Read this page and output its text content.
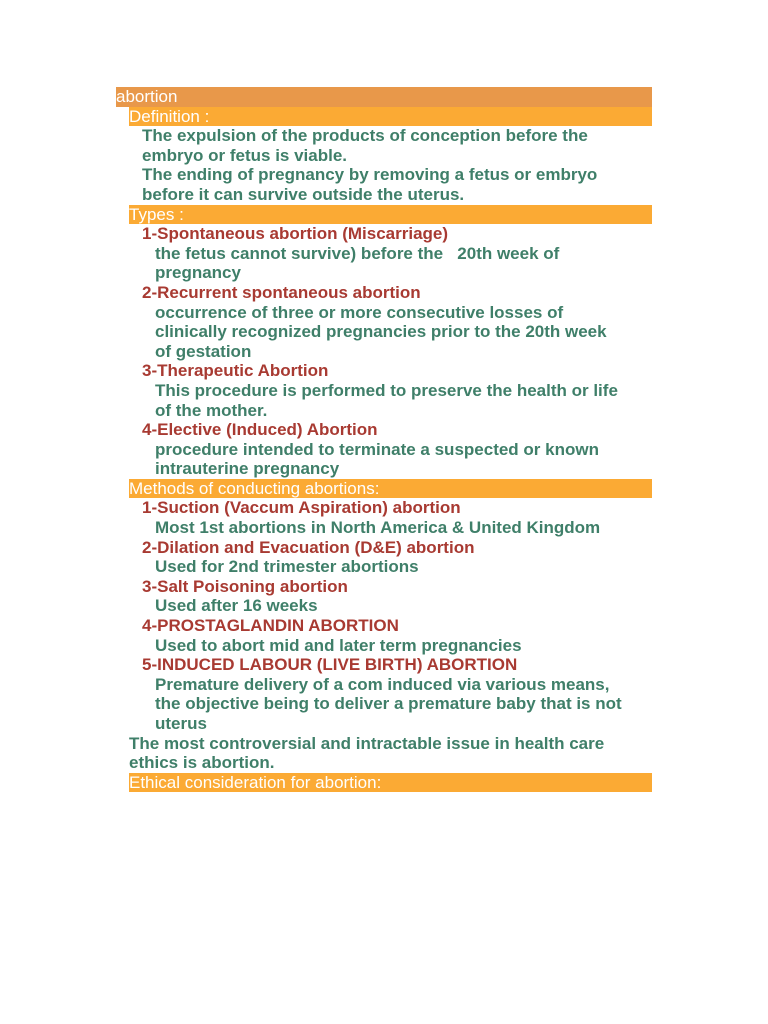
abortion
Definition :
The expulsion of the products of conception before the
embryo or fetus is viable.
The ending of pregnancy by removing a fetus or embryo
before it can survive outside the uterus.
Types :
1-Spontaneous abortion (Miscarriage)
the fetus cannot survive) before the   20th week of
pregnancy
2-Recurrent spontaneous abortion
occurrence of three or more consecutive losses of
clinically recognized pregnancies prior to the 20th week
of gestation
3-Therapeutic Abortion
This procedure is performed to preserve the health or life
of the mother.
4-Elective (Induced) Abortion
procedure intended to terminate a suspected or known
intrauterine pregnancy
Methods of conducting abortions:
1-Suction (Vaccum Aspiration) abortion
Most 1st abortions in North America & United Kingdom
2-Dilation and Evacuation (D&E) abortion
Used for 2nd trimester abortions
3-Salt Poisoning abortion
Used after 16 weeks
4-PROSTAGLANDIN ABORTION
Used to abort mid and later term pregnancies
5-INDUCED LABOUR (LIVE BIRTH) ABORTION
Premature delivery of a com induced via various means,
the objective being to deliver a premature baby that is not
uterus
The most controversial and intractable issue in health care
ethics is abortion.
Ethical consideration for abortion:
